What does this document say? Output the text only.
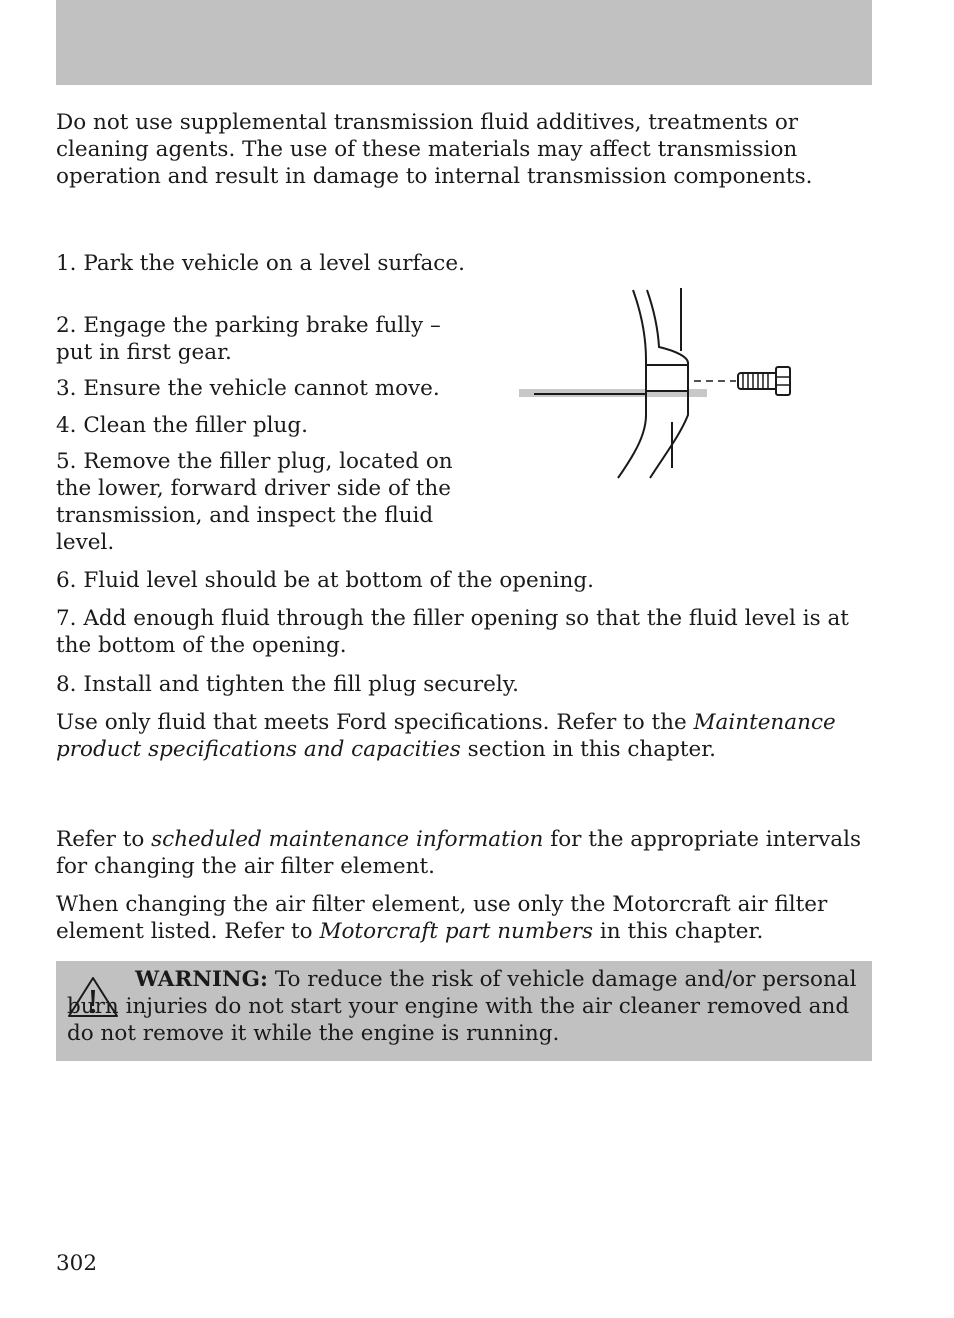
Do not use supplemental transmission fluid additives, treatments or cleaning agents. The use of these materials may affect transmission operation and result in damage to internal transmission components.

1. Park the vehicle on a level surface.

2. Engage the parking brake fully – put in first gear.

3. Ensure the vehicle cannot move.

4. Clean the filler plug.

5. Remove the filler plug, located on the lower, forward driver side of the transmission, and inspect the fluid level.

6. Fluid level should be at bottom of the opening.

7. Add enough fluid through the filler opening so that the fluid level is at the bottom of the opening.

8. Install and tighten the fill plug securely.

Use only fluid that meets Ford specifications. Refer to the Maintenance product specifications and capacities section in this chapter.

Refer to scheduled maintenance information for the appropriate intervals for changing the air filter element.

When changing the air filter element, use only the Motorcraft air filter element listed. Refer to Motorcraft part numbers in this chapter.

WARNING: To reduce the risk of vehicle damage and/or personal burn injuries do not start your engine with the air cleaner removed and do not remove it while the engine is running.

302
